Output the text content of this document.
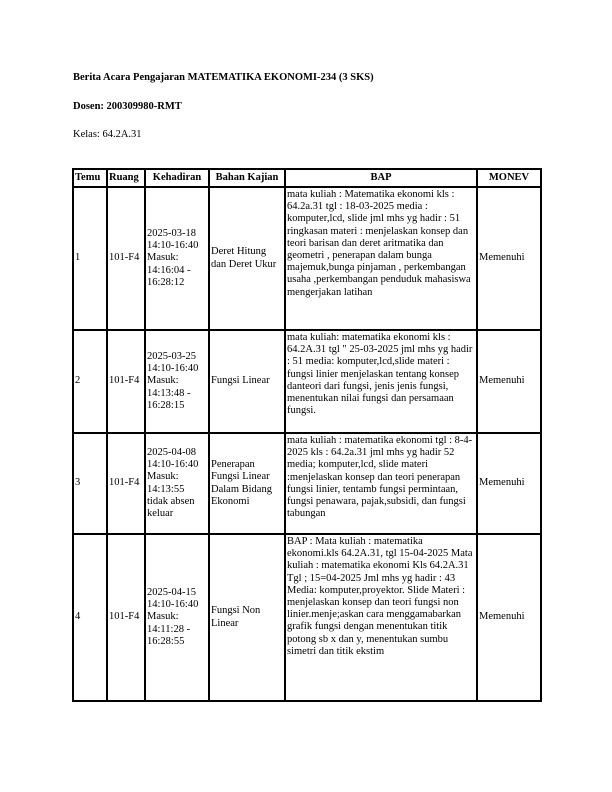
Berita Acara Pengajaran MATEMATIKA EKONOMI-234 (3 SKS)
Dosen: 200309980-RMT
Kelas: 64.2A.31
Temu	Ruang	Kehadiran	Bahan Kajian	BAP	MONEV
1	101-F4	2025-03-18 14:10-16:40 Masuk: 14:16:04 - 16:28:12	Deret Hitung dan Deret Ukur	mata kuliah : Matematika ekonomi kls : 64.2a.31 tgl : 18-03-2025 media : komputer,lcd, slide jml mhs yg hadir : 51 ringkasan materi : menjelaskan konsep dan teori barisan dan deret aritmatika dan geometri , penerapan dalam bunga majemuk,bunga pinjaman , perkembangan usaha ,perkembangan penduduk mahasiswa mengerjakan latihan	Memenuhi
2	101-F4	2025-03-25 14:10-16:40 Masuk: 14:13:48 - 16:28:15	Fungsi Linear	mata kuliah: matematika ekonomi kls : 64.2A.31 tgl " 25-03-2025 jml mhs yg hadir : 51 media: komputer,lcd,slide materi : fungsi linier menjelaskan tentang konsep danteori dari fungsi, jenis jenis fungsi, menentukan nilai fungsi dan persamaan fungsi.	Memenuhi
3	101-F4	2025-04-08 14:10-16:40 Masuk: 14:13:55 tidak absen keluar	Penerapan Fungsi Linear Dalam Bidang Ekonomi	mata kuliah : matematika ekonomi tgl : 8-4-2025 kls : 64.2a.31 jml mhs yg hadir 52 media; komputer,lcd, slide materi :menjelaskan konsep dan teori penerapan fungsi linier, tentamb fungsi permintaan, fungsi penawara, pajak,subsidi, dan fungsi tabungan	Memenuhi
4	101-F4	2025-04-15 14:10-16:40 Masuk: 14:11:28 - 16:28:55	Fungsi Non Linear	BAP : Mata kuliah : matematika ekonomi.kls 64.2A.31, tgl 15-04-2025 Mata kuliah : matematika ekonomi Kls 64.2A.31 Tgl ; 15=04-2025 Jml mhs yg hadir : 43 Media: komputer,proyektor. Slide Materi : menjelaskan konsep dan teori fungsi non linier.menje;askan cara menggamabarkan grafik fungsi dengan menentukan titik potong sb x dan y, menentukan sumbu simetri dan titik ekstim	Memenuhi
